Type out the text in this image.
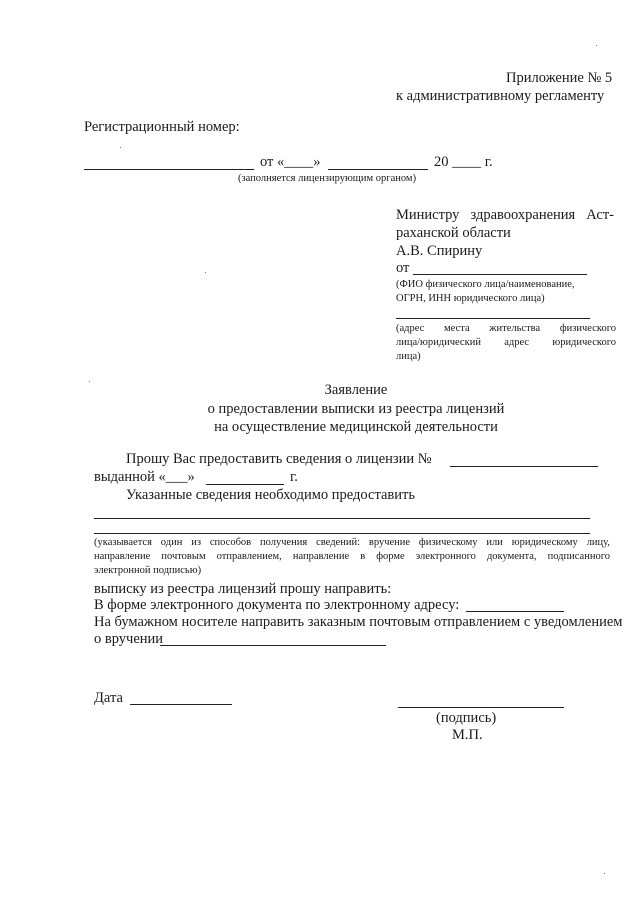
Приложение № 5
к административному регламенту
Регистрационный номер:
от «____»	20 ____ г.
(заполняется лицензирующим органом)
Министру здравоохранения Аст-
раханской области
А.В. Спирину
от
(ФИО физического лица/наименование,
ОГРН, ИНН юридического лица)
(адрес места жительства физического
лица/юридический адрес юридического
лица)
Заявление
о предоставлении выписки из реестра лицензий
на осуществление медицинской деятельности
Прошу Вас предоставить сведения о лицензии №
выданной «___»	г.
Указанные сведения необходимо предоставить
(указывается один из способов получения сведений: вручение физическому или юридическому лицу,
направление почтовым отправлением, направление в форме электронного документа, подписанного
электронной подписью)
выписку из реестра лицензий прошу направить:
В форме электронного документа по электронному адресу:
На бумажном носителе направить заказным почтовым отправлением с уведомлением
о вручении
Дата
(подпись)
М.П.
